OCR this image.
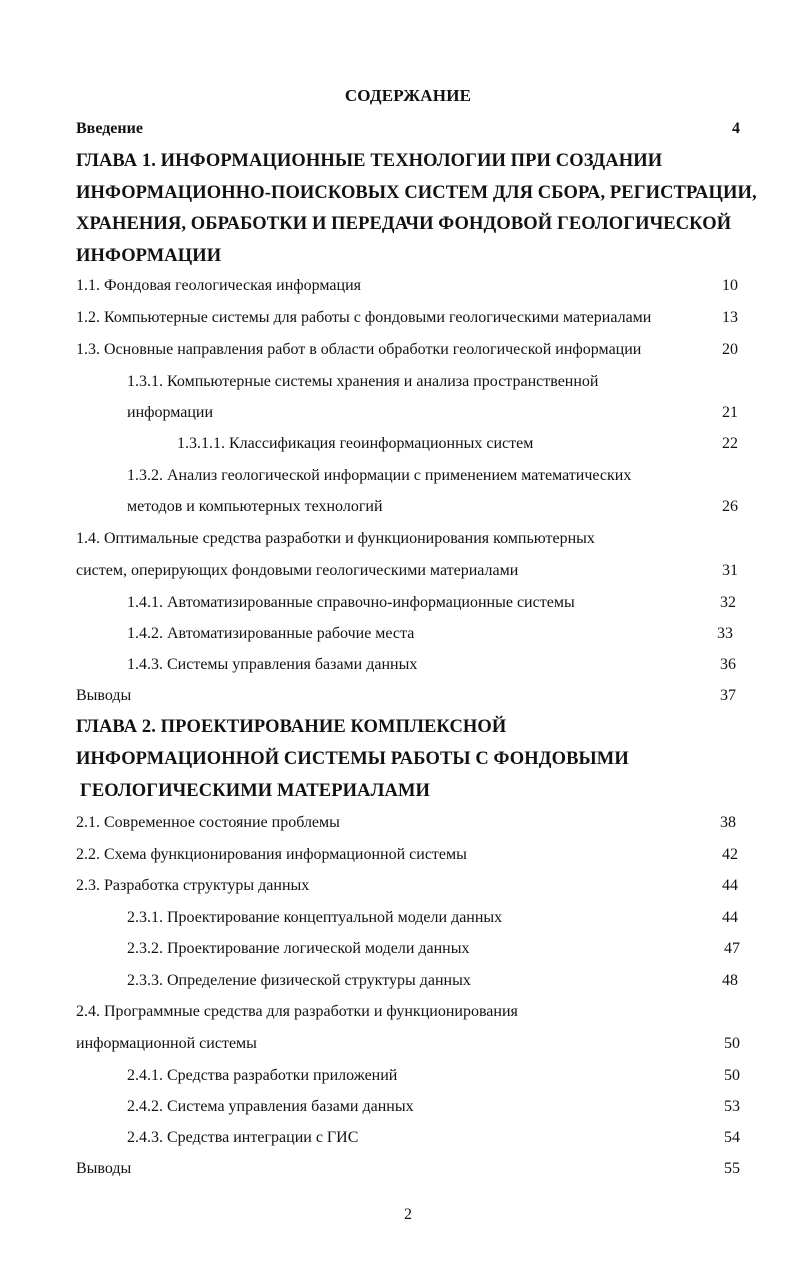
СОДЕРЖАНИЕ
Введение	4
ГЛАВА 1. ИНФОРМАЦИОННЫЕ ТЕХНОЛОГИИ ПРИ СОЗДАНИИ
ИНФОРМАЦИОННО-ПОИСКОВЫХ СИСТЕМ ДЛЯ СБОРА, РЕГИСТРАЦИИ,
ХРАНЕНИЯ, ОБРАБОТКИ И ПЕРЕДАЧИ ФОНДОВОЙ ГЕОЛОГИЧЕСКОЙ
ИНФОРМАЦИИ
1.1. Фондовая геологическая информация	10
1.2. Компьютерные системы для работы с фондовыми геологическими материалами	13
1.3. Основные направления работ в области обработки геологической информации	20
1.3.1. Компьютерные системы хранения и анализа пространственной
информации	21
1.3.1.1. Классификация геоинформационных систем	22
1.3.2. Анализ геологической информации с применением математических
методов и компьютерных технологий	26
1.4. Оптимальные средства разработки и функционирования компьютерных
систем, оперирующих фондовыми геологическими материалами	31
1.4.1. Автоматизированные справочно-информационные системы	32
1.4.2. Автоматизированные рабочие места	33
1.4.3. Системы управления базами данных	36
Выводы	37
ГЛАВА 2. ПРОЕКТИРОВАНИЕ КОМПЛЕКСНОЙ
ИНФОРМАЦИОННОЙ СИСТЕМЫ РАБОТЫ С ФОНДОВЫМИ
ГЕОЛОГИЧЕСКИМИ МАТЕРИАЛАМИ
2.1. Современное состояние проблемы	38
2.2. Схема функционирования информационной системы	42
2.3. Разработка структуры данных	44
2.3.1. Проектирование концептуальной модели данных	44
2.3.2. Проектирование логической модели данных	47
2.3.3. Определение физической структуры данных	48
2.4. Программные средства для разработки и функционирования
информационной системы	50
2.4.1. Средства разработки приложений	50
2.4.2. Система управления базами данных	53
2.4.3. Средства интеграции с ГИС	54
Выводы	55
2
